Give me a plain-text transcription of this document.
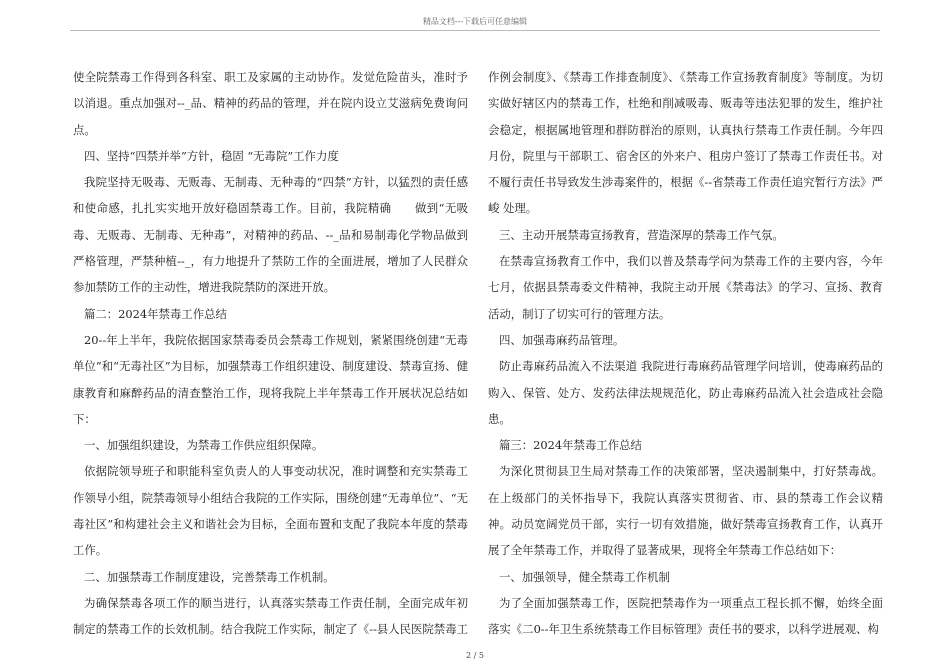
精品文档---下载后可任意编辑

使全院禁毒工作得到各科室、职工及家属的主动协作。发觉危险苗头，准时予以消退。重点加强对--_品、精神的药品的管理，并在院内设立艾滋病免费询问点。

四、坚持“四禁并举”方针，稳固 “无毒院”工作力度

我院坚持无吸毒、无贩毒、无制毒、无种毒的“四禁”方针，以猛烈的责任感和使命感，扎扎实实地开放好稳固禁毒工作。目前，我院精确　　做到“无吸毒、无贩毒、无制毒、无种毒”，对精神的药品、--_品和易制毒化学物品做到严格管理，严禁种植--_，有力地提升了禁防工作的全面进展，增加了人民群众参加禁防工作的主动性，增进我院禁防的深进开放。

篇二：2024年禁毒工作总结

20--年上半年，我院依据国家禁毒委员会禁毒工作规划，紧紧围绕创建“无毒单位”和“无毒社区”为目标，加强禁毒工作组织建设、制度建设、禁毒宣扬、健康教育和麻醉药品的清查整治工作，现将我院上半年禁毒工作开展状况总结如下：

一、加强组织建设，为禁毒工作供应组织保障。

依据院领导班子和职能科室负责人的人事变动状况，准时调整和充实禁毒工作领导小组，院禁毒领导小组结合我院的工作实际，围绕创建“无毒单位”、“无毒社区”和构建社会主义和谐社会为目标，全面布置和支配了我院本年度的禁毒工作。

二、加强禁毒工作制度建设，完善禁毒工作机制。

为确保禁毒各项工作的顺当进行，认真落实禁毒工作责任制，全面完成年初制定的禁毒工作的长效机制。结合我院工作实际，制定了《--县人民医院禁毒工

作例会制度》、《禁毒工作排查制度》、《禁毒工作宣扬教育制度》等制度。为切实做好辖区内的禁毒工作，杜绝和削减吸毒、贩毒等违法犯罪的发生，维护社会稳定，根据属地管理和群防群治的原则，认真执行禁毒工作责任制。今年四月份，院里与干部职工、宿舍区的外来户、租房户签订了禁毒工作责任书。对不履行责任书导致发生涉毒案件的，根据《--省禁毒工作责任追究暂行方法》严峻 处理。

三、主动开展禁毒宣扬教育，营造深厚的禁毒工作气氛。

在禁毒宣扬教育工作中，我们以普及禁毒学问为禁毒工作的主要内容，今年七月，依据县禁毒委文件精神，我院主动开展《禁毒法》的学习、宣扬、教育活动，制订了切实可行的管理方法。

四、加强毒麻药品管理。

防止毒麻药品流入不法渠道 我院进行毒麻药品管理学问培训，使毒麻药品的购入、保管、处方、发药法律法规规范化，防止毒麻药品流入社会造成社会隐患。

篇三：2024年禁毒工作总结

为深化贯彻县卫生局对禁毒工作的决策部署，坚决遏制集中，打好禁毒战。在上级部门的关怀指导下，我院认真落实贯彻省、市、县的禁毒工作会议精神。动员宽阔党员干部，实行一切有效措施，做好禁毒宣扬教育工作，认真开展了全年禁毒工作，并取得了显著成果，现将全年禁毒工作总结如下：

一、加强领导，健全禁毒工作机制

为了全面加强禁毒工作，医院把禁毒作为一项重点工程长抓不懈，始终全面落实《二0--年卫生系统禁毒工作目标管理》责任书的要求，以科学进展观、构

2 / 5
